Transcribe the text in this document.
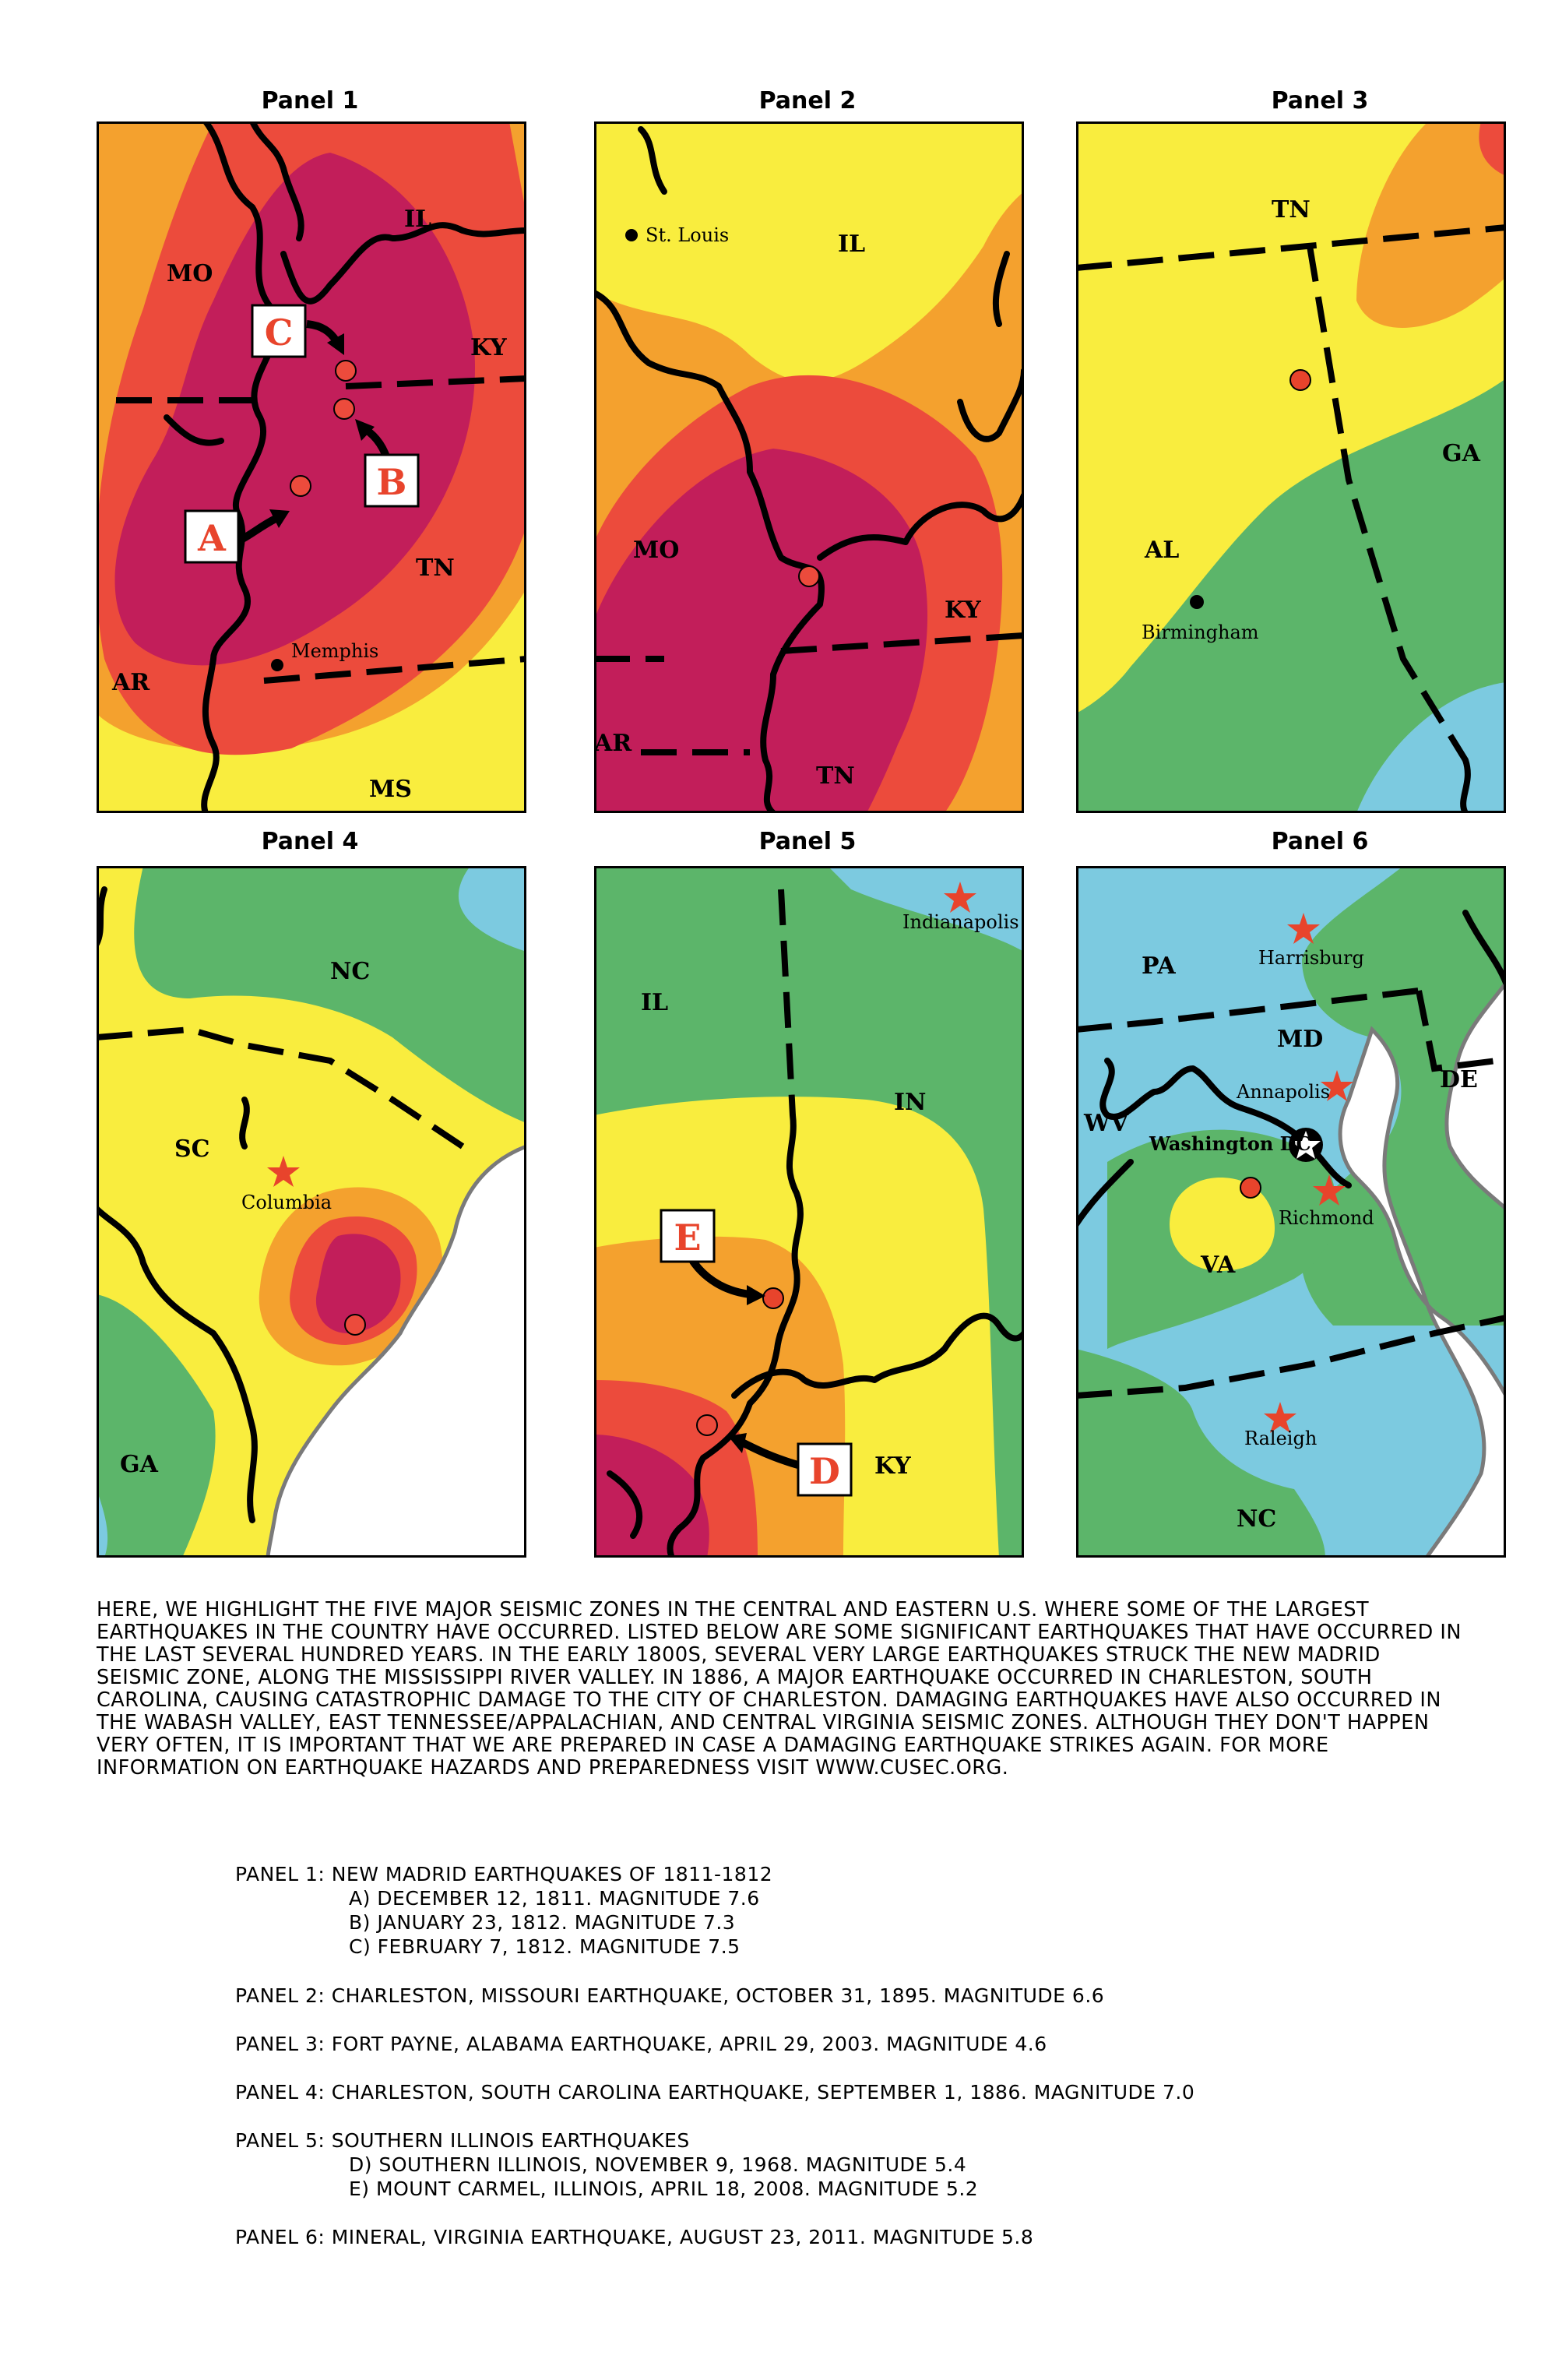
Panel 1	Panel 2	Panel 3
Panel 4	Panel 5	Panel 6
Memphis
MO
IL
KY
TN
AR
MS
C
B
A
St. Louis	IL
MO
KY
AR
TN
Birmingham
TN
GA
AL
NC
SC
GA
Columbia
IL
IN
KY
Indianapolis
E
D
PA
MD
DE
WV
VA
NC
Harrisburg
Annapolis
Washington DC
Richmond
Raleigh
HERE, WE HIGHLIGHT THE FIVE MAJOR SEISMIC ZONES IN THE CENTRAL AND EASTERN U.S. WHERE SOME OF THE LARGEST EARTHQUAKES IN THE COUNTRY HAVE OCCURRED. LISTED BELOW ARE SOME SIGNIFICANT EARTHQUAKES THAT HAVE OCCURRED IN THE LAST SEVERAL HUNDRED YEARS. IN THE EARLY 1800S, SEVERAL VERY LARGE EARTHQUAKES STRUCK THE NEW MADRID SEISMIC ZONE, ALONG THE MISSISSIPPI RIVER VALLEY. IN 1886, A MAJOR EARTHQUAKE OCCURRED IN CHARLESTON, SOUTH CAROLINA, CAUSING CATASTROPHIC DAMAGE TO THE CITY OF CHARLESTON. DAMAGING EARTHQUAKES HAVE ALSO OCCURRED IN THE WABASH VALLEY, EAST TENNESSEE/APPALACHIAN, AND CENTRAL VIRGINIA SEISMIC ZONES. ALTHOUGH THEY DON'T HAPPEN VERY OFTEN, IT IS IMPORTANT THAT WE ARE PREPARED IN CASE A DAMAGING EARTHQUAKE STRIKES AGAIN. FOR MORE INFORMATION ON EARTHQUAKE HAZARDS AND PREPAREDNESS VISIT WWW.CUSEC.ORG.
PANEL 1: NEW MADRID EARTHQUAKES OF 1811-1812
A) DECEMBER 12, 1811. MAGNITUDE 7.6
B) JANUARY 23, 1812. MAGNITUDE 7.3
C) FEBRUARY 7, 1812. MAGNITUDE 7.5
PANEL 2: CHARLESTON, MISSOURI EARTHQUAKE, OCTOBER 31, 1895. MAGNITUDE 6.6
PANEL 3: FORT PAYNE, ALABAMA EARTHQUAKE, APRIL 29, 2003. MAGNITUDE 4.6
PANEL 4: CHARLESTON, SOUTH CAROLINA EARTHQUAKE, SEPTEMBER 1, 1886. MAGNITUDE 7.0
PANEL 5: SOUTHERN ILLINOIS EARTHQUAKES
D) SOUTHERN ILLINOIS, NOVEMBER 9, 1968. MAGNITUDE 5.4
E) MOUNT CARMEL, ILLINOIS, APRIL 18, 2008. MAGNITUDE 5.2
PANEL 6: MINERAL, VIRGINIA EARTHQUAKE, AUGUST 23, 2011. MAGNITUDE 5.8
